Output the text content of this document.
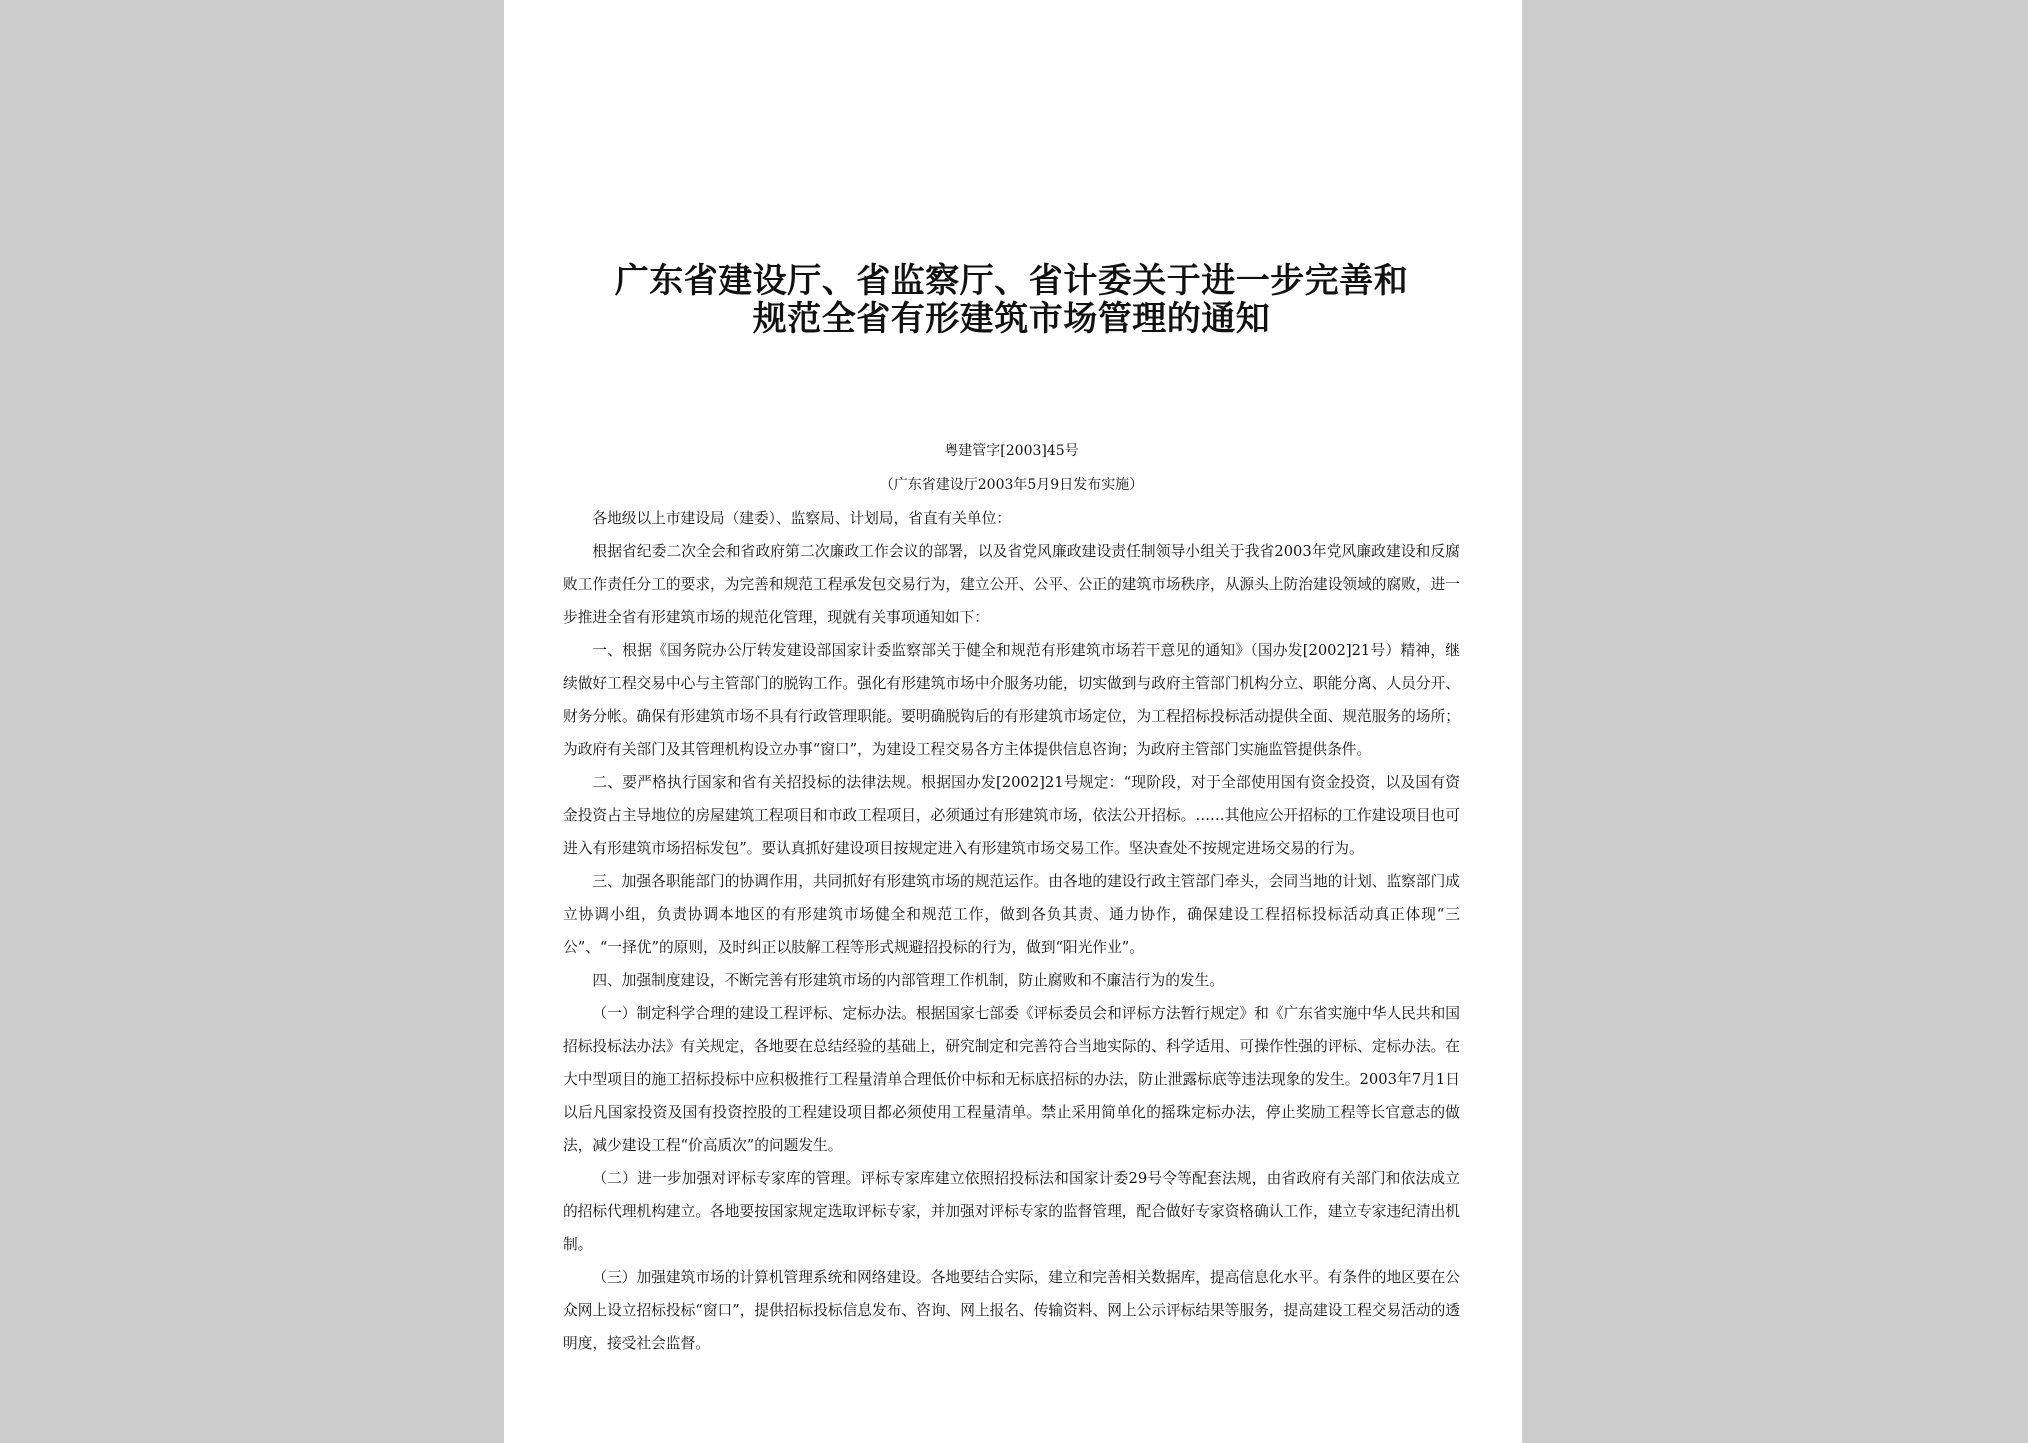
广东省建设厅、省监察厅、省计委关于进一步完善和
规范全省有形建筑市场管理的通知
粤建管字[2003]45号
（广东省建设厅2003年5月9日发布实施）

各地级以上市建设局（建委）、监察局、计划局，省直有关单位：

根据省纪委二次全会和省政府第二次廉政工作会议的部署，以及省党风廉政建设责任制领导小组关于我省2003年党风廉政建设和反腐败工作责任分工的要求，为完善和规范工程承发包交易行为，建立公开、公平、公正的建筑市场秩序，从源头上防治建设领域的腐败，进一步推进全省有形建筑市场的规范化管理，现就有关事项通知如下：

一、根据《国务院办公厅转发建设部国家计委监察部关于健全和规范有形建筑市场若干意见的通知》（国办发[2002]21号）精神，继续做好工程交易中心与主管部门的脱钩工作。强化有形建筑市场中介服务功能，切实做到与政府主管部门机构分立、职能分离、人员分开、财务分帐。确保有形建筑市场不具有行政管理职能。要明确脱钩后的有形建筑市场定位，为工程招标投标活动提供全面、规范服务的场所；为政府有关部门及其管理机构设立办事“窗口”，为建设工程交易各方主体提供信息咨询；为政府主管部门实施监管提供条件。

二、要严格执行国家和省有关招投标的法律法规。根据国办发[2002]21号规定：“现阶段，对于全部使用国有资金投资，以及国有资金投资占主导地位的房屋建筑工程项目和市政工程项目，必须通过有形建筑市场，依法公开招标。……其他应公开招标的工作建设项目也可进入有形建筑市场招标发包”。要认真抓好建设项目按规定进入有形建筑市场交易工作。坚决查处不按规定进场交易的行为。

三、加强各职能部门的协调作用，共同抓好有形建筑市场的规范运作。由各地的建设行政主管部门牵头，会同当地的计划、监察部门成立协调小组，负责协调本地区的有形建筑市场健全和规范工作，做到各负其责、通力协作，确保建设工程招标投标活动真正体现“三公”、“一择优”的原则，及时纠正以肢解工程等形式规避招投标的行为，做到“阳光作业”。

四、加强制度建设，不断完善有形建筑市场的内部管理工作机制，防止腐败和不廉洁行为的发生。

（一）制定科学合理的建设工程评标、定标办法。根据国家七部委《评标委员会和评标方法暂行规定》和《广东省实施中华人民共和国招标投标法办法》有关规定，各地要在总结经验的基础上，研究制定和完善符合当地实际的、科学适用、可操作性强的评标、定标办法。在大中型项目的施工招标投标中应积极推行工程量清单合理低价中标和无标底招标的办法，防止泄露标底等违法现象的发生。2003年7月1日以后凡国家投资及国有投资控股的工程建设项目都必须使用工程量清单。禁止采用简单化的摇珠定标办法，停止奖励工程等长官意志的做法，减少建设工程“价高质次”的问题发生。

（二）进一步加强对评标专家库的管理。评标专家库建立依照招投标法和国家计委29号令等配套法规，由省政府有关部门和依法成立的招标代理机构建立。各地要按国家规定选取评标专家，并加强对评标专家的监督管理，配合做好专家资格确认工作，建立专家违纪清出机制。

（三）加强建筑市场的计算机管理系统和网络建设。各地要结合实际，建立和完善相关数据库，提高信息化水平。有条件的地区要在公众网上设立招标投标“窗口”，提供招标投标信息发布、咨询、网上报名、传输资料、网上公示评标结果等服务，提高建设工程交易活动的透明度，接受社会监督。
